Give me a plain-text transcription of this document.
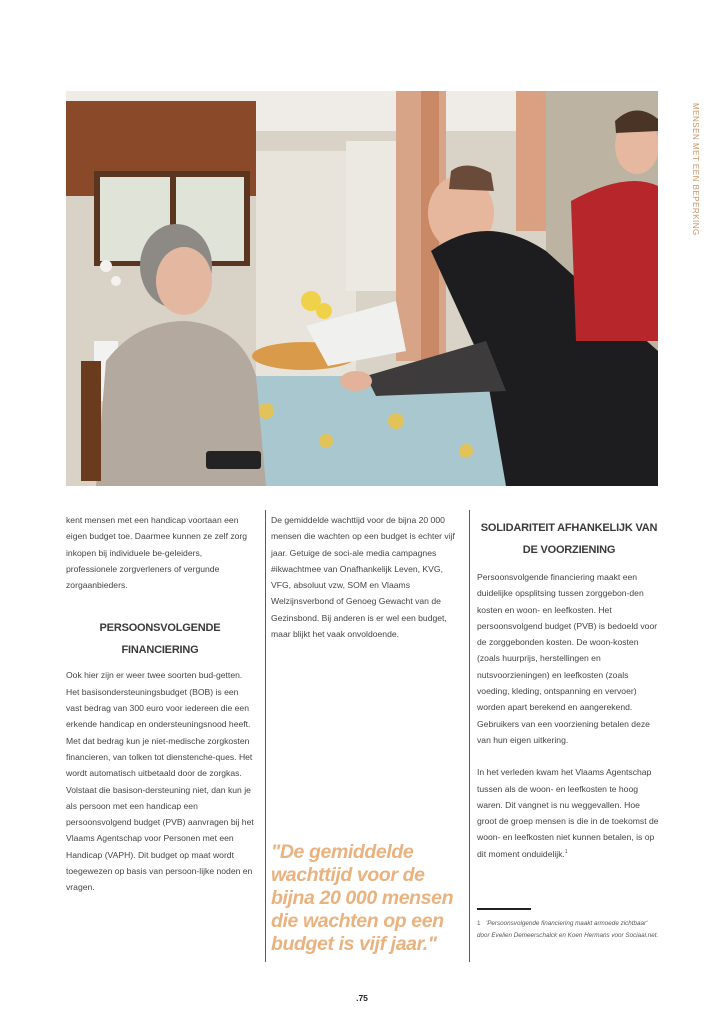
MENSEN MET EEN BEPERKING

kent mensen met een handicap voortaan een eigen budget toe. Daarmee kunnen ze zelf zorg inkopen bij individuele be-geleiders, professionele zorgverleners of vergunde zorgaanbieders.

PERSOONSVOLGENDE FINANCIERING

Ook hier zijn er weer twee soorten bud-getten. Het basisondersteuningsbudget (BOB) is een vast bedrag van 300 euro voor iedereen die een erkende handicap en ondersteuningsnood heeft. Met dat bedrag kun je niet-medische zorgkosten financieren, van tolken tot dienstenche-ques. Het wordt automatisch uitbetaald door de zorgkas. Volstaat die basison-dersteuning niet, dan kun je als persoon met een handicap een persoonsvolgend budget (PVB) aanvragen bij het Vlaams Agentschap voor Personen met een Handicap (VAPH). Dit budget op maat wordt toegewezen op basis van persoon-lijke noden en vragen.

De gemiddelde wachttijd voor de bijna 20 000 mensen die wachten op een budget is echter vijf jaar. Getuige de soci-ale media campagnes #ikwachtmee van Onafhankelijk Leven, KVG, VFG, absoluut vzw, SOM en Vlaams Welzijnsverbond of Genoeg Gewacht van de Gezinsbond. Bij anderen is er wel een budget, maar blijkt het vaak onvoldoende.

"De gemiddelde wachttijd voor de bijna 20 000 mensen die wachten op een budget is vijf jaar."

SOLIDARITEIT AFHANKELIJK VAN DE VOORZIENING

Persoonsvolgende financiering maakt een duidelijke opsplitsing tussen zorggebon-den kosten en woon- en leefkosten. Het persoonsvolgend budget (PVB) is bedoeld voor de zorggebonden kosten. De woon-kosten (zoals huurprijs, herstellingen en nutsvoorzieningen) en leefkosten (zoals voeding, kleding, ontspanning en vervoer) worden apart berekend en aangerekend. Gebruikers van een voorziening betalen deze van hun eigen uitkering.

In het verleden kwam het Vlaams Agentschap tussen als de woon- en leefkosten te hoog waren. Dit vangnet is nu weggevallen. Hoe groot de groep mensen is die in de toekomst de woon- en leefkosten niet kunnen betalen, is op dit moment onduidelijk.$^1$

1 'Persoonsvolgende financiering maakt armoede zichtbaar' door Evelien Demeerschalck en Koen Hermans voor Sociaal.net.
.75
